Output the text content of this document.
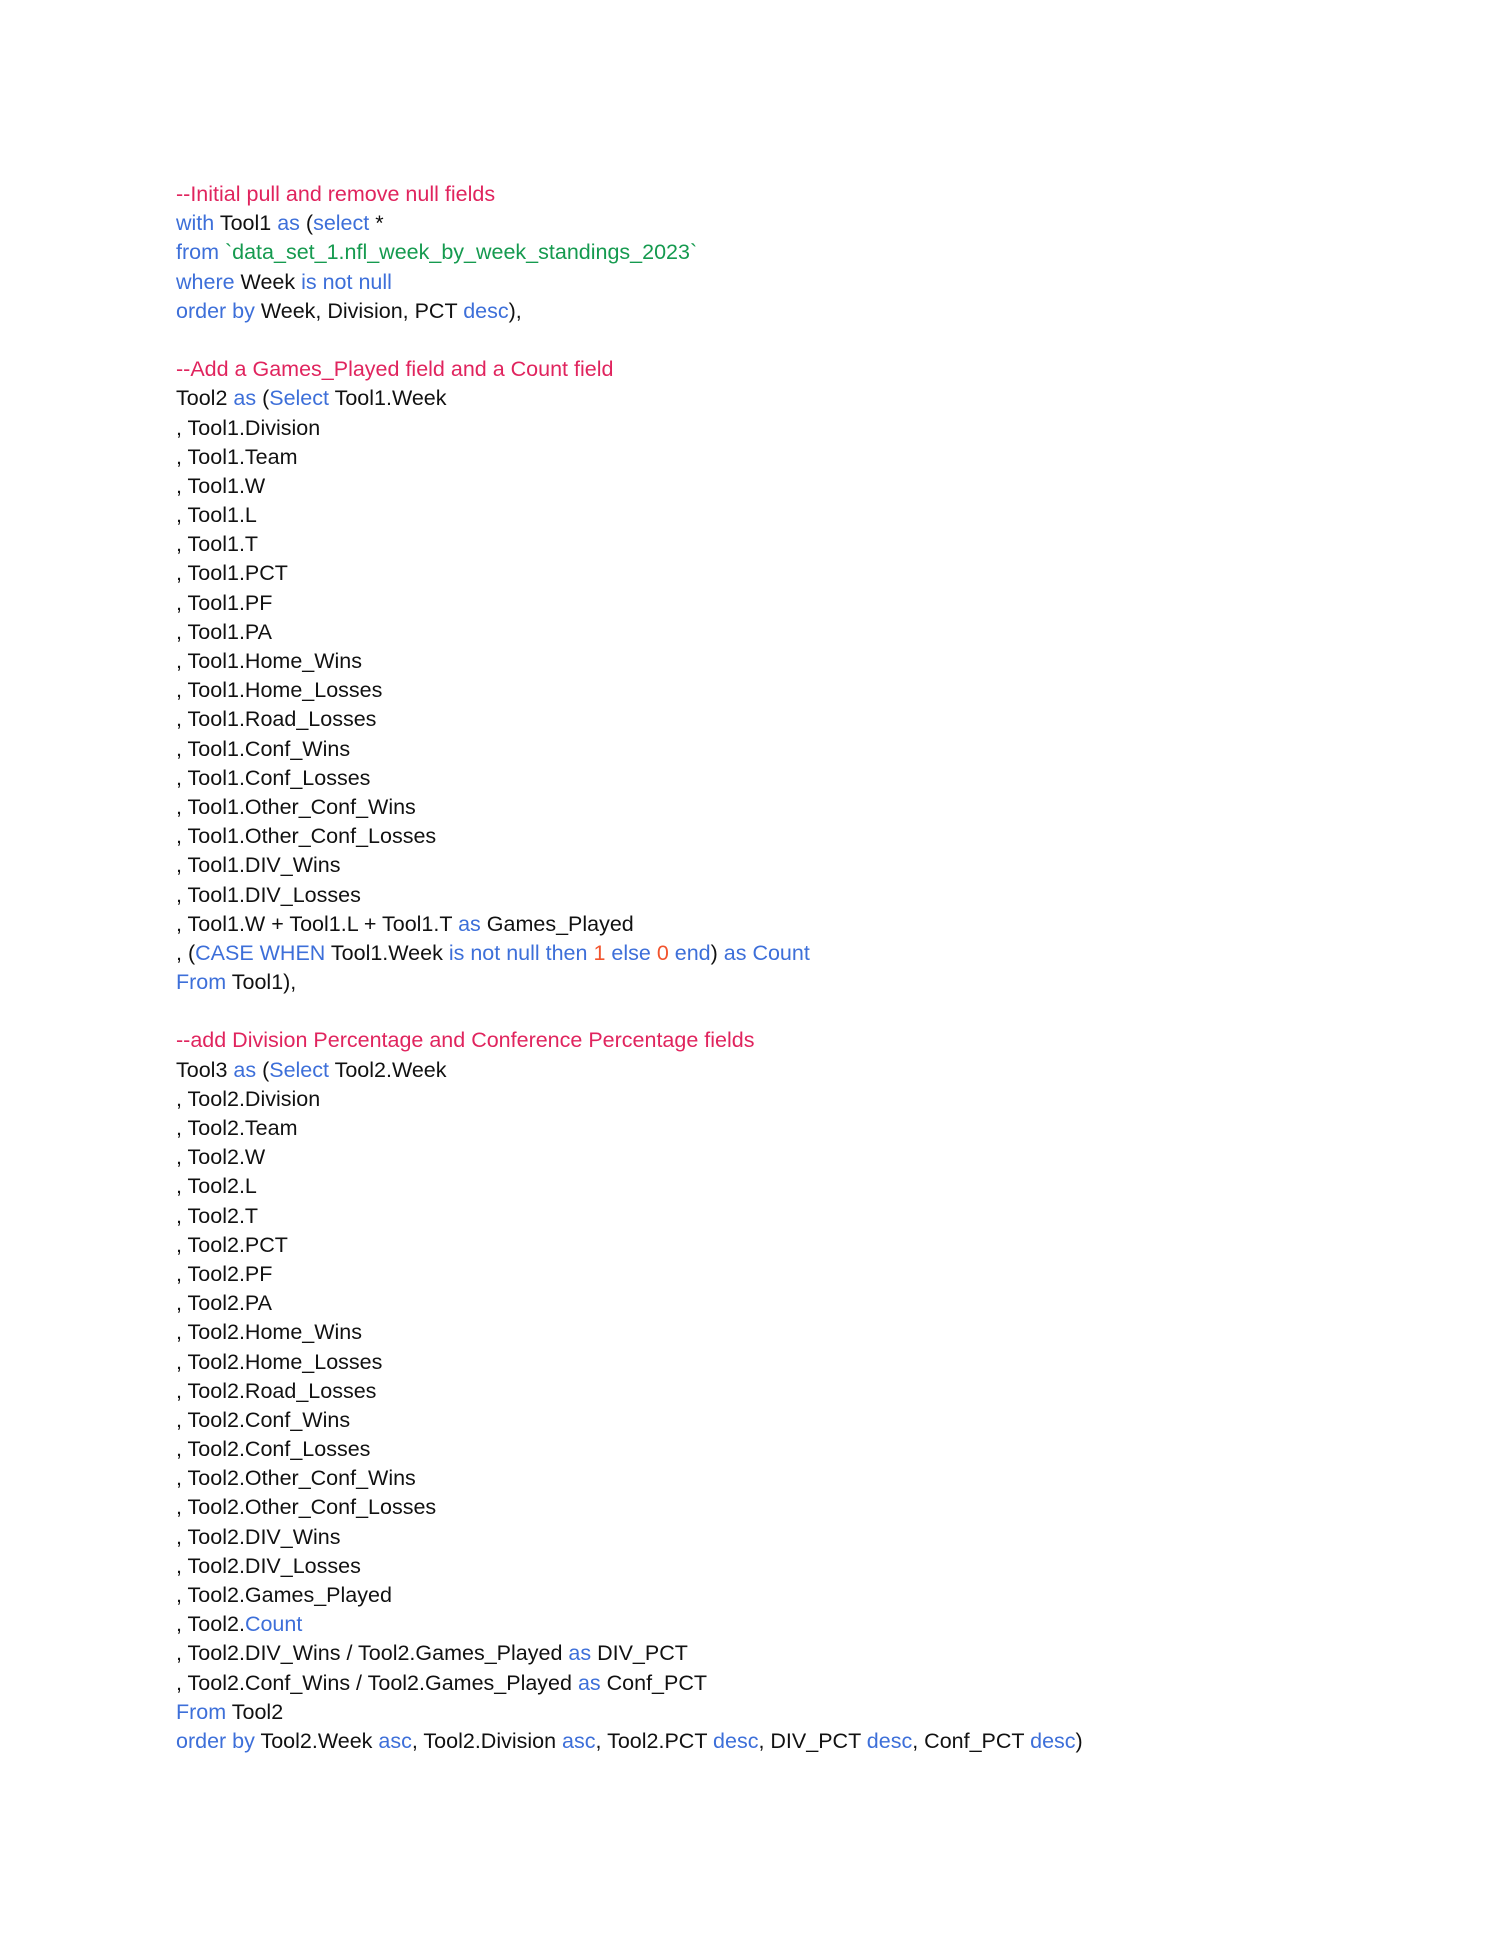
--Initial pull and remove null fields
with Tool1 as (select *
from `data_set_1.nfl_week_by_week_standings_2023`
where Week is not null
order by Week, Division, PCT desc),
--Add a Games_Played field and a Count field
Tool2 as (Select Tool1.Week
, Tool1.Division
, Tool1.Team
, Tool1.W
, Tool1.L
, Tool1.T
, Tool1.PCT
, Tool1.PF
, Tool1.PA
, Tool1.Home_Wins
, Tool1.Home_Losses
, Tool1.Road_Losses
, Tool1.Conf_Wins
, Tool1.Conf_Losses
, Tool1.Other_Conf_Wins
, Tool1.Other_Conf_Losses
, Tool1.DIV_Wins
, Tool1.DIV_Losses
, Tool1.W + Tool1.L + Tool1.T as Games_Played
, (CASE WHEN Tool1.Week is not null then 1 else 0 end) as Count
From Tool1),
--add Division Percentage and Conference Percentage fields
Tool3 as (Select Tool2.Week
, Tool2.Division
, Tool2.Team
, Tool2.W
, Tool2.L
, Tool2.T
, Tool2.PCT
, Tool2.PF
, Tool2.PA
, Tool2.Home_Wins
, Tool2.Home_Losses
, Tool2.Road_Losses
, Tool2.Conf_Wins
, Tool2.Conf_Losses
, Tool2.Other_Conf_Wins
, Tool2.Other_Conf_Losses
, Tool2.DIV_Wins
, Tool2.DIV_Losses
, Tool2.Games_Played
, Tool2.Count
, Tool2.DIV_Wins / Tool2.Games_Played as DIV_PCT
, Tool2.Conf_Wins / Tool2.Games_Played as Conf_PCT
From Tool2
order by Tool2.Week asc, Tool2.Division asc, Tool2.PCT desc, DIV_PCT desc, Conf_PCT desc)
